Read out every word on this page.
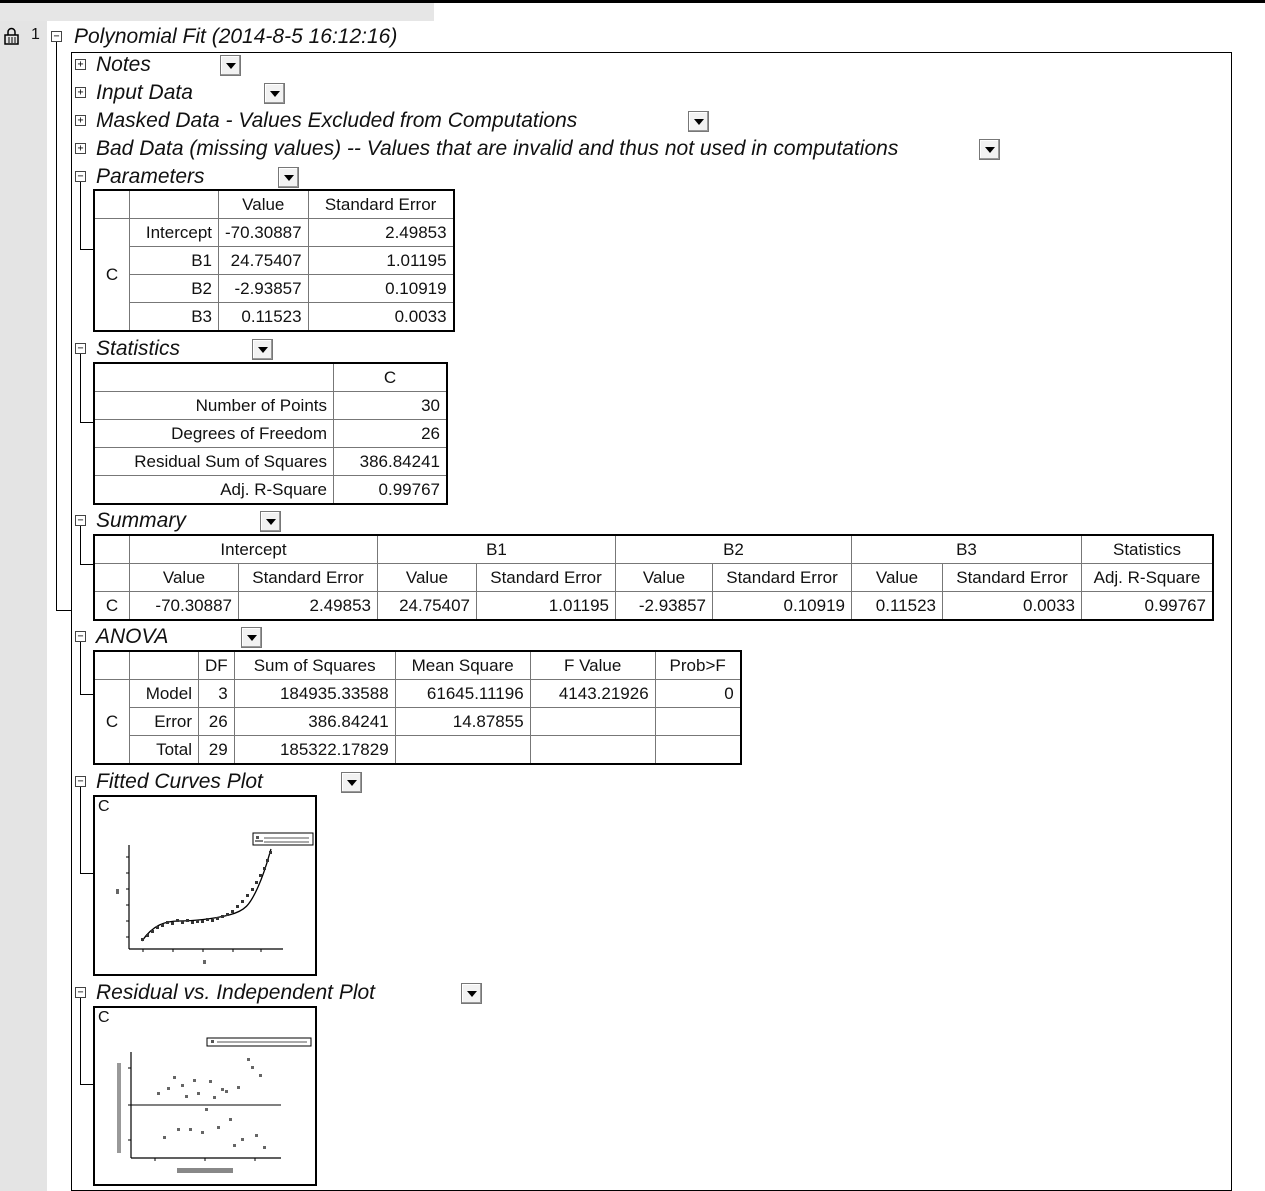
1 − Polynomial Fit (2014-8-5 16:12:16)
+ Notes
+ Input Data
+ Masked Data - Values Excluded from Computations
+ Bad Data (missing values) -- Values that are invalid and thus not used in computations
− Parameters
		Value	Standard Error
C	Intercept	-70.30887	2.49853
	B1	24.75407	1.01195
	B2	-2.93857	0.10919
	B3	0.11523	0.0033
− Statistics
	C
Number of Points	30
Degrees of Freedom	26
Residual Sum of Squares	386.84241
Adj. R-Square	0.99767
− Summary
	Intercept		B1		B2		B3		Statistics
	Value	Standard Error	Value	Standard Error	Value	Standard Error	Value	Standard Error	Adj. R-Square
C	-70.30887	2.49853	24.75407	1.01195	-2.93857	0.10919	0.11523	0.0033	0.99767
− ANOVA
		DF	Sum of Squares	Mean Square	F Value	Prob>F
C	Model	3	184935.33588	61645.11196	4143.21926	0
	Error	26	386.84241	14.87855		
	Total	29	185322.17829			
− Fitted Curves Plot
C
− Residual vs. Independent Plot
C
